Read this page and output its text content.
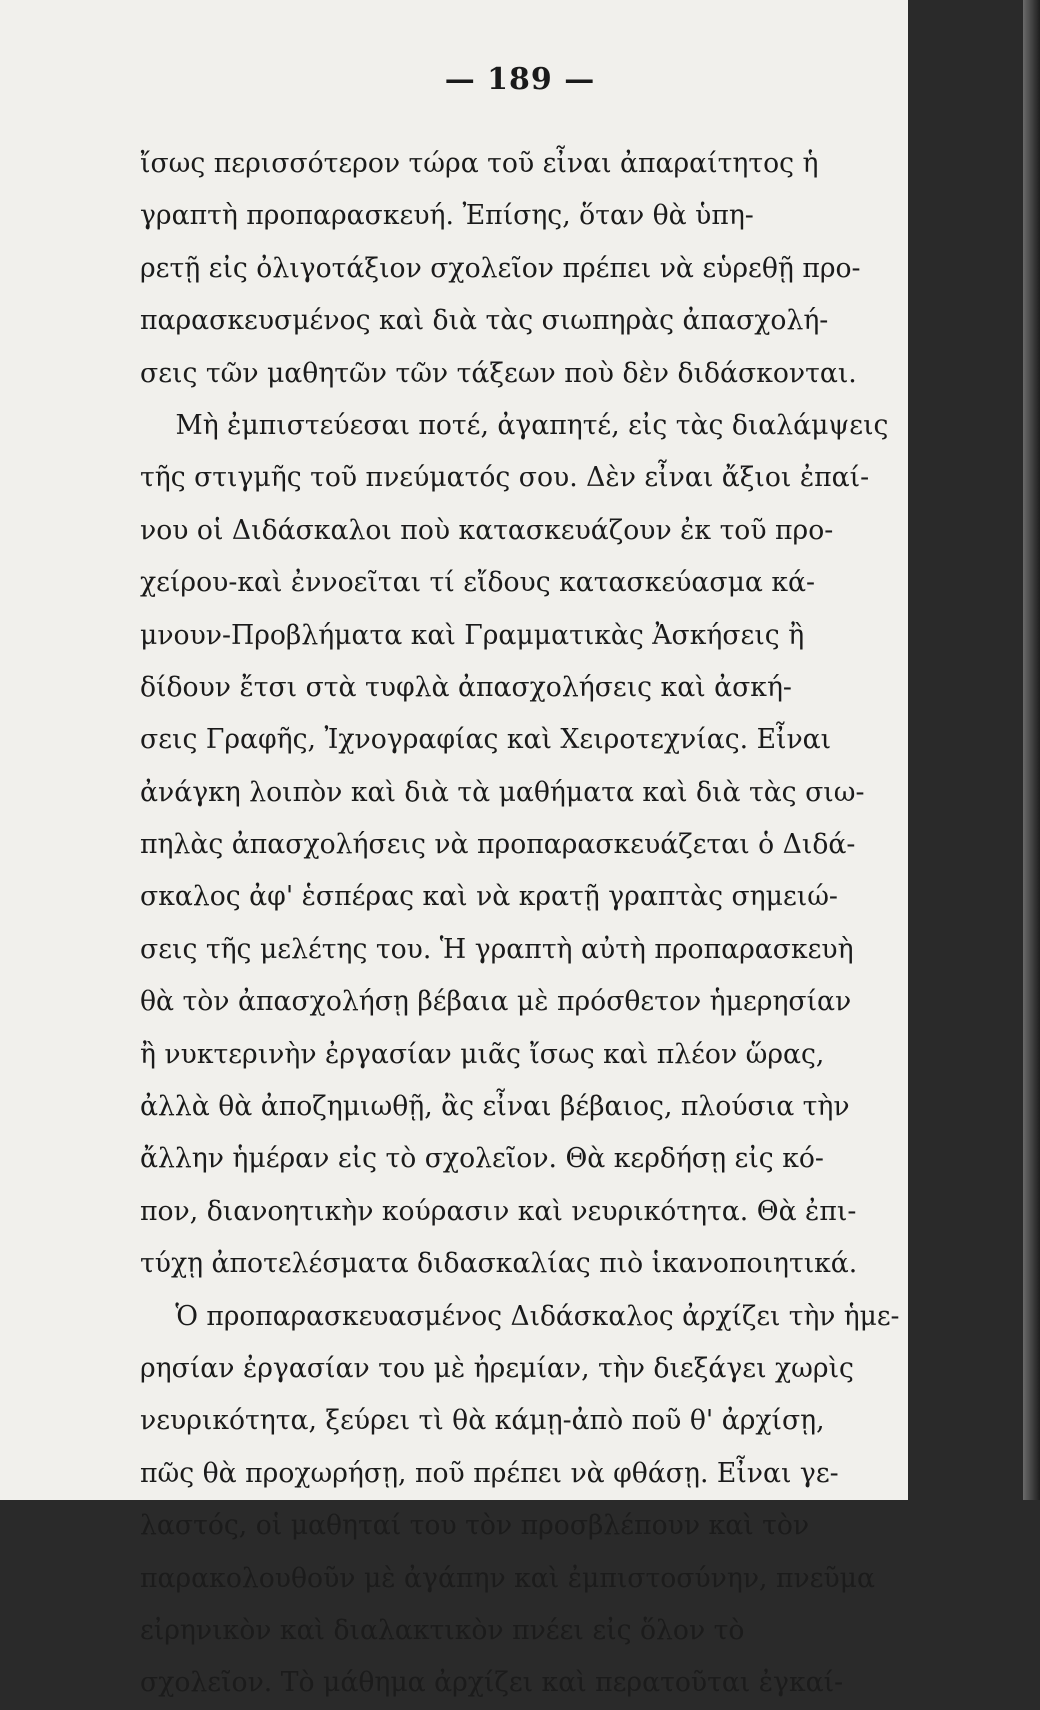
— 189 —
ἴσως περισσότερον τώρα τοῦ εἶναι ἀπαραίτητος ἡ
γραπτὴ προπαρασκευή. Ἐπίσης, ὅταν θὰ ὑπη-
ρετῇ εἰς ὀλιγοτάξιον σχολεῖον πρέπει νὰ εὑρεθῇ προ-
παρασκευσμένος καὶ διὰ τὰς σιωπηρὰς ἀπασχολή-
σεις τῶν μαθητῶν τῶν τάξεων ποὺ δὲν διδάσκονται.
Μὴ ἐμπιστεύεσαι ποτέ, ἀγαπητέ, εἰς τὰς διαλάμψεις
τῆς στιγμῆς τοῦ πνεύματός σου. Δὲν εἶναι ἄξιοι ἐπαί-
νου οἱ Διδάσκαλοι ποὺ κατασκευάζουν ἐκ τοῦ προ-
χείρου-καὶ ἐννοεῖται τί εἴδους κατασκεύασμα κά-
μνουν-Προβλήματα καὶ Γραμματικὰς Ἀσκήσεις ἢ
δίδουν ἔτσι στὰ τυφλὰ ἀπασχολήσεις καὶ ἀσκή-
σεις Γραφῆς, Ἰχνογραφίας καὶ Χειροτεχνίας. Εἶναι
ἀνάγκη λοιπὸν καὶ διὰ τὰ μαθήματα καὶ διὰ τὰς σιω-
πηλὰς ἀπασχολήσεις νὰ προπαρασκευάζεται ὁ Διδά-
σκαλος ἀφ' ἑσπέρας καὶ νὰ κρατῇ γραπτὰς σημειώ-
σεις τῆς μελέτης του. Ἡ γραπτὴ αὐτὴ προπαρασκευὴ
θὰ τὸν ἀπασχολήσῃ βέβαια μὲ πρόσθετον ἡμερησίαν
ἢ νυκτερινὴν ἐργασίαν μιᾶς ἴσως καὶ πλέον ὥρας,
ἀλλὰ θὰ ἀποζημιωθῇ, ἂς εἶναι βέβαιος, πλούσια τὴν
ἄλλην ἡμέραν εἰς τὸ σχολεῖον. Θὰ κερδήσῃ εἰς κό-
πον, διανοητικὴν κούρασιν καὶ νευρικότητα. Θὰ ἐπι-
τύχῃ ἀποτελέσματα διδασκαλίας πιὸ ἱκανοποιητικά.
Ὁ προπαρασκευασμένος Διδάσκαλος ἀρχίζει τὴν ἡμε-
ρησίαν ἐργασίαν του μὲ ἠρεμίαν, τὴν διεξάγει χωρὶς
νευρικότητα, ξεύρει τὶ θὰ κάμῃ-ἀπὸ ποῦ θ' ἀρχίσῃ,
πῶς θὰ προχωρήσῃ, ποῦ πρέπει νὰ φθάσῃ. Εἶναι γε-
λαστός, οἱ μαθηταί του τὸν προσβλέπουν καὶ τὸν
παρακολουθοῦν μὲ ἀγάπην καὶ ἐμπιστοσύνην, πνεῦμα
εἰρηνικὸν καὶ διαλακτικὸν πνέει εἰς ὅλον τὸ
σχολεῖον. Τὸ μάθημα ἀρχίζει καὶ περατοῦται ἐγκαί-
